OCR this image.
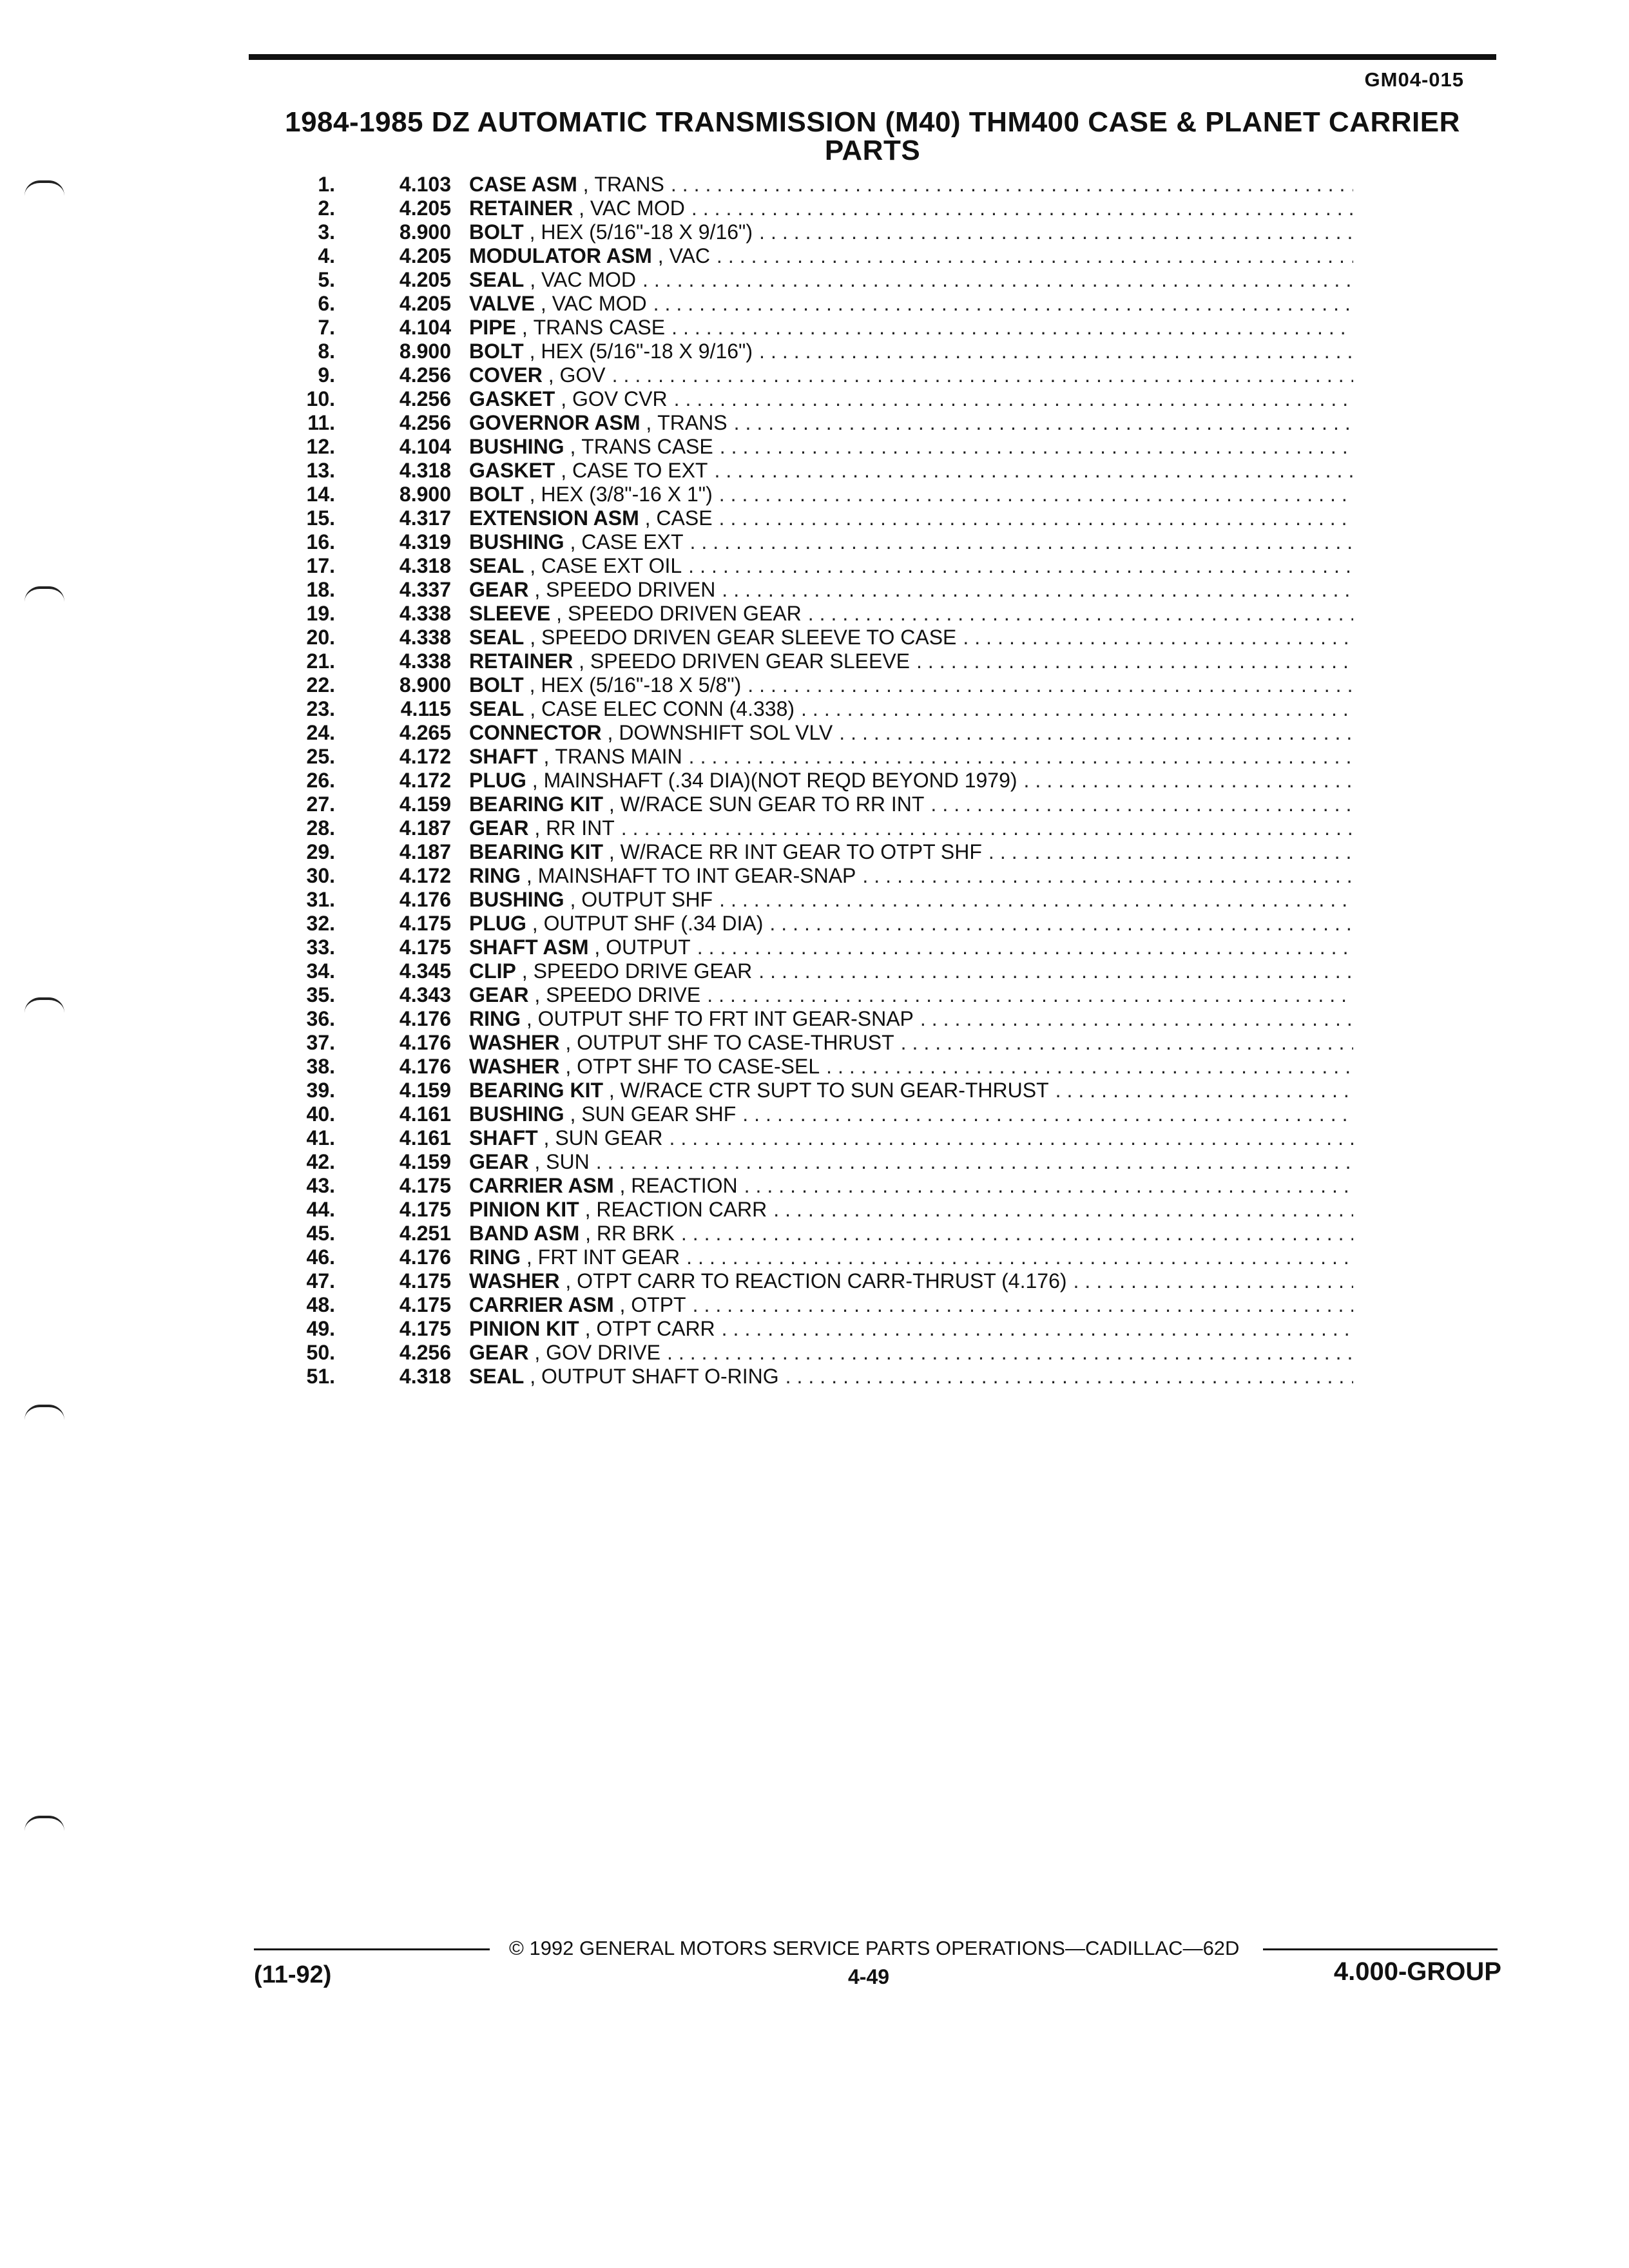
GM04-015
1984-1985 DZ AUTOMATIC TRANSMISSION (M40) THM400 CASE & PLANET CARRIER
PARTS
1.	4.103 CASE ASM , TRANS
.....
2.	4.205 RETAINER , VAC MOD
.....
3.	8.900 BOLT , HEX (5/16"-18 X 9/16")
.....
4.	4.205 MODULATOR ASM , VAC
.....
5.	4.205 SEAL , VAC MOD
.....
6.	4.205 VALVE , VAC MOD
.....
7.	4.104 PIPE , TRANS CASE
.....
8.	8.900 BOLT , HEX (5/16"-18 X 9/16")
.....
9.	4.256 COVER , GOV
.....
10.	4.256 GASKET , GOV CVR
.....
11.	4.256 GOVERNOR ASM , TRANS
.....
12.	4.104 BUSHING , TRANS CASE
.....
13.	4.318 GASKET , CASE TO EXT
.....
14.	8.900 BOLT , HEX (3/8"-16 X 1")
.....
15.	4.317 EXTENSION ASM , CASE
.....
16.	4.319 BUSHING , CASE EXT
.....
17.	4.318 SEAL , CASE EXT OIL
.....
18.	4.337 GEAR , SPEEDO DRIVEN
.....
19.	4.338 SLEEVE , SPEEDO DRIVEN GEAR
.....
20.	4.338 SEAL , SPEEDO DRIVEN GEAR SLEEVE TO CASE
.....
21.	4.338 RETAINER , SPEEDO DRIVEN GEAR SLEEVE
.....
22.	8.900 BOLT , HEX (5/16"-18 X 5/8")
.....
23.	4.115 SEAL , CASE ELEC CONN (4.338)
.....
24.	4.265 CONNECTOR , DOWNSHIFT SOL VLV
.....
25.	4.172 SHAFT , TRANS MAIN
.....
26.	4.172 PLUG , MAINSHAFT (.34 DIA)(NOT REQD BEYOND 1979)
.....
27.	4.159 BEARING KIT , W/RACE SUN GEAR TO RR INT
.....
28.	4.187 GEAR , RR INT
.....
29.	4.187 BEARING KIT , W/RACE RR INT GEAR TO OTPT SHF
.....
30.	4.172 RING , MAINSHAFT TO INT GEAR-SNAP
.....
31.	4.176 BUSHING , OUTPUT SHF
.....
32.	4.175 PLUG , OUTPUT SHF (.34 DIA)
.....
33.	4.175 SHAFT ASM , OUTPUT
.....
34.	4.345 CLIP , SPEEDO DRIVE GEAR
.....
35.	4.343 GEAR , SPEEDO DRIVE
.....
36.	4.176 RING , OUTPUT SHF TO FRT INT GEAR-SNAP
.....
37.	4.176 WASHER , OUTPUT SHF TO CASE-THRUST
.....
38.	4.176 WASHER , OTPT SHF TO CASE-SEL
.....
39.	4.159 BEARING KIT , W/RACE CTR SUPT TO SUN GEAR-THRUST
.....
40.	4.161 BUSHING , SUN GEAR SHF
.....
41.	4.161 SHAFT , SUN GEAR
.....
42.	4.159 GEAR , SUN
.....
43.	4.175 CARRIER ASM , REACTION
.....
44.	4.175 PINION KIT , REACTION CARR
.....
45.	4.251 BAND ASM , RR BRK
.....
46.	4.176 RING , FRT INT GEAR
.....
47.	4.175 WASHER , OTPT CARR TO REACTION CARR-THRUST (4.176)
.....
48.	4.175 CARRIER ASM , OTPT
.....
49.	4.175 PINION KIT , OTPT CARR
.....
50.	4.256 GEAR , GOV DRIVE
.....
51.	4.318 SEAL , OUTPUT SHAFT O-RING
.....
© 1992 GENERAL MOTORS SERVICE PARTS OPERATIONS—CADILLAC—62D
(11-92)	4-49	4.000-GROUP
